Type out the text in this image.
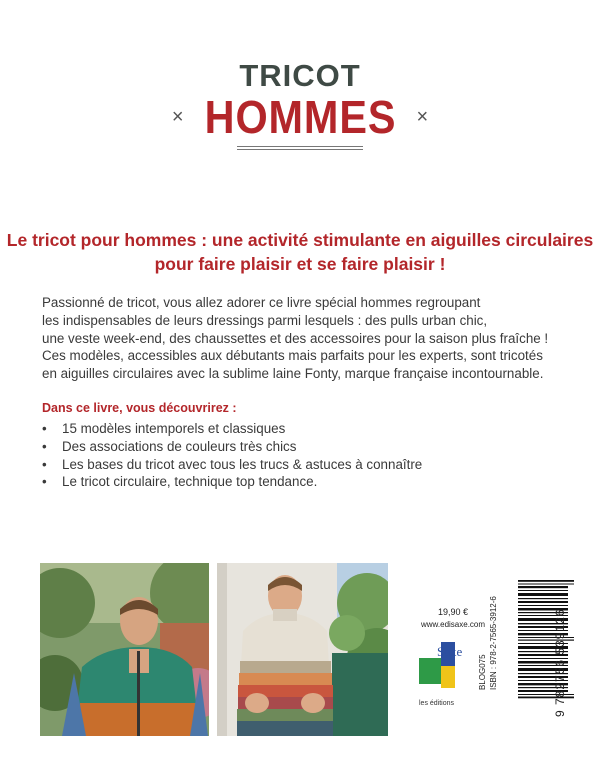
TRICOT
× HOMMES	×
Le tricot pour hommes : une activité stimulante en aiguilles circulaires
pour faire plaisir et se faire plaisir !
Passionné de tricot, vous allez adorer ce livre spécial hommes regroupant
les indispensables de leurs dressings parmi lesquels : des pulls urban chic,
une veste week-end, des chaussettes et des accessoires pour la saison plus fraîche !
Ces modèles, accessibles aux débutants mais parfaits pour les experts, sont tricotés
en aiguilles circulaires avec la sublime laine Fonty, marque française incontournable.
Dans ce livre, vous découvrirez :
•	15 modèles intemporels et classiques
•	Des associations de couleurs très chics
•	Les bases du tricot avec tous les trucs & astuces à connaître
•	Le tricot circulaire, technique top tendance.
19,90 €
www.edisaxe.com
Saxe
les éditions
BLOG075 ISBN : 978-2-7565-3912-6	9 782756 539126
